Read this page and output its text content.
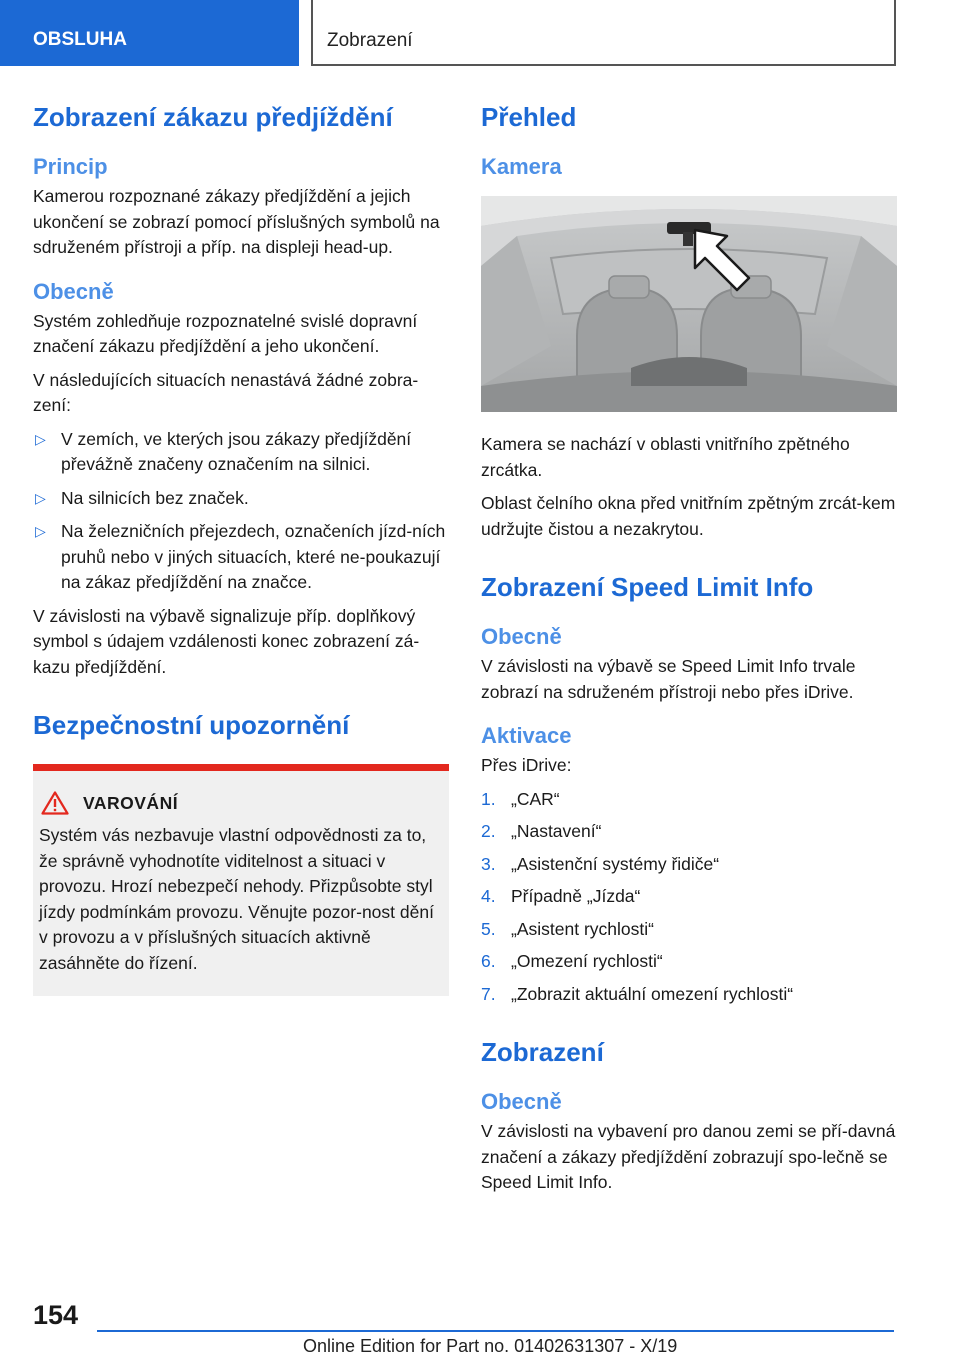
OBSLUHA	Zobrazení
Zobrazení zákazu předjíždění
Princip

Kamerou rozpoznané zákazy předjíždění a jejich ukončení se zobrazí pomocí příslušných symbolů na sdruženém přístroji a příp. na displeji head-up.

Obecně

Systém zohledňuje rozpoznatelné svislé dopravní značení zákazu předjíždění a jeho ukončení.

V následujících situacích nenastává žádné zobra-zení:

▷ V zemích, ve kterých jsou zákazy předjíždění převážně značeny označením na silnici.
▷ Na silnicích bez značek.
▷ Na železničních přejezdech, označeních jízd-ních pruhů nebo v jiných situacích, které ne-poukazují na zákaz předjíždění na značce.

V závislosti na výbavě signalizuje příp. doplňkový symbol s údajem vzdálenosti konec zobrazení zá-kazu předjíždění.

Bezpečnostní upozornění
VAROVÁNÍ

Systém vás nezbavuje vlastní odpovědnosti za to, že správně vyhodnotíte viditelnost a situaci v provozu. Hrozí nebezpečí nehody. Přizpůsobte styl jízdy podmínkám provozu. Věnujte pozor-nost dění v provozu a v příslušných situacích aktivně zasáhněte do řízení.

Přehled
Kamera

Kamera se nachází v oblasti vnitřního zpětného zrcátka.

Oblast čelního okna před vnitřním zpětným zrcát-kem udržujte čistou a nezakrytou.

Zobrazení Speed Limit Info
Obecně

V závislosti na výbavě se Speed Limit Info trvale zobrazí na sdruženém přístroji nebo přes iDrive.

Aktivace

Přes iDrive:

1. „CAR“
2. „Nastavení“
3. „Asistenční systémy řidiče“
4. Případně „Jízda“
5. „Asistent rychlosti“
6. „Omezení rychlosti“
7. „Zobrazit aktuální omezení rychlosti“
Zobrazení
Obecně

V závislosti na vybavení pro danou zemi se pří-davná značení a zákazy předjíždění zobrazují spo-lečně se Speed Limit Info.

154
Online Edition for Part no. 01402631307 - X/19
